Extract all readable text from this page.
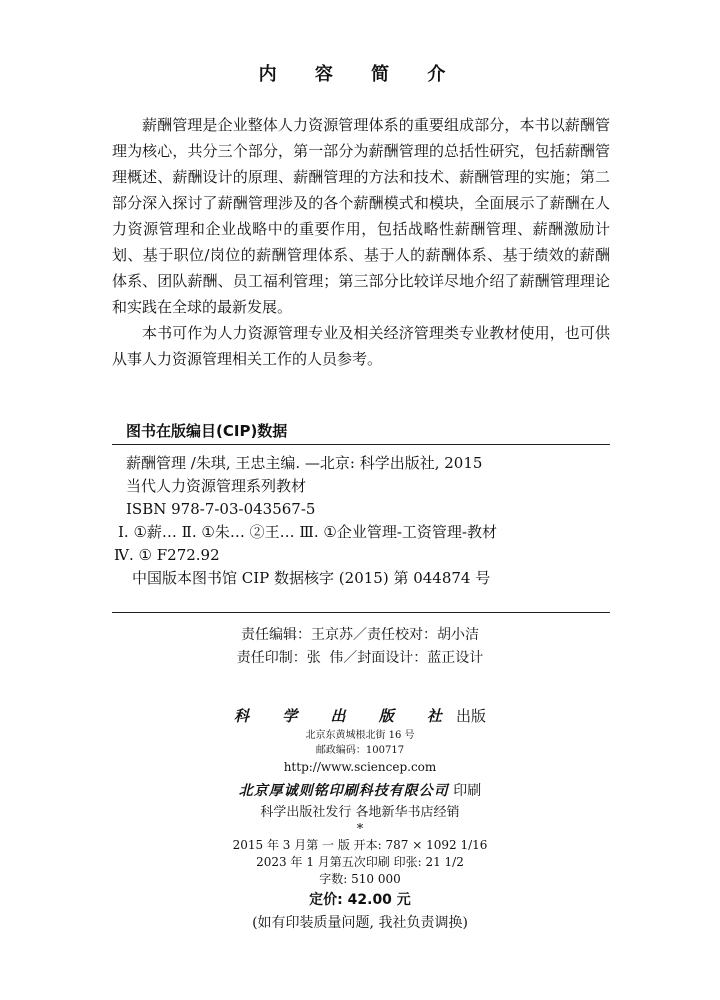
内 容 简 介

薪酬管理是企业整体人力资源管理体系的重要组成部分，本书以薪酬管理为核心，共分三个部分，第一部分为薪酬管理的总括性研究，包括薪酬管理概述、薪酬设计的原理、薪酬管理的方法和技术、薪酬管理的实施；第二部分深入探讨了薪酬管理涉及的各个薪酬模式和模块，全面展示了薪酬在人力资源管理和企业战略中的重要作用，包括战略性薪酬管理、薪酬激励计划、基于职位/岗位的薪酬管理体系、基于人的薪酬体系、基于绩效的薪酬体系、团队薪酬、员工福利管理；第三部分比较详尽地介绍了薪酬管理理论和实践在全球的最新发展。

本书可作为人力资源管理专业及相关经济管理类专业教材使用，也可供从事人力资源管理相关工作的人员参考。

图书在版编目(CIP)数据
薪酬管理 /朱琪, 王忠主编. —北京: 科学出版社, 2015
当代人力资源管理系列教材
ISBN 978-7-03-043567-5
Ⅰ. ①薪… Ⅱ. ①朱… ②王… Ⅲ. ①企业管理-工资管理-教材
Ⅳ. ① F272.92
中国版本图书馆 CIP 数据核字 (2015) 第 044874 号
责任编辑：王京苏／责任校对：胡小洁
责任印制：张 伟／封面设计：蓝正设计
科 学 出 版 社出版
北京东黄城根北街 16 号
邮政编码：100717
http://www.sciencep.com
北京厚诚则铭印刷科技有限公司 印刷
科学出版社发行 各地新华书店经销
*
2015 年 3 月第 一 版 开本: 787 × 1092 1/16
2023 年 1 月第五次印刷 印张: 21 1/2
字数: 510 000
定价: 42.00 元
(如有印装质量问题, 我社负责调换)
